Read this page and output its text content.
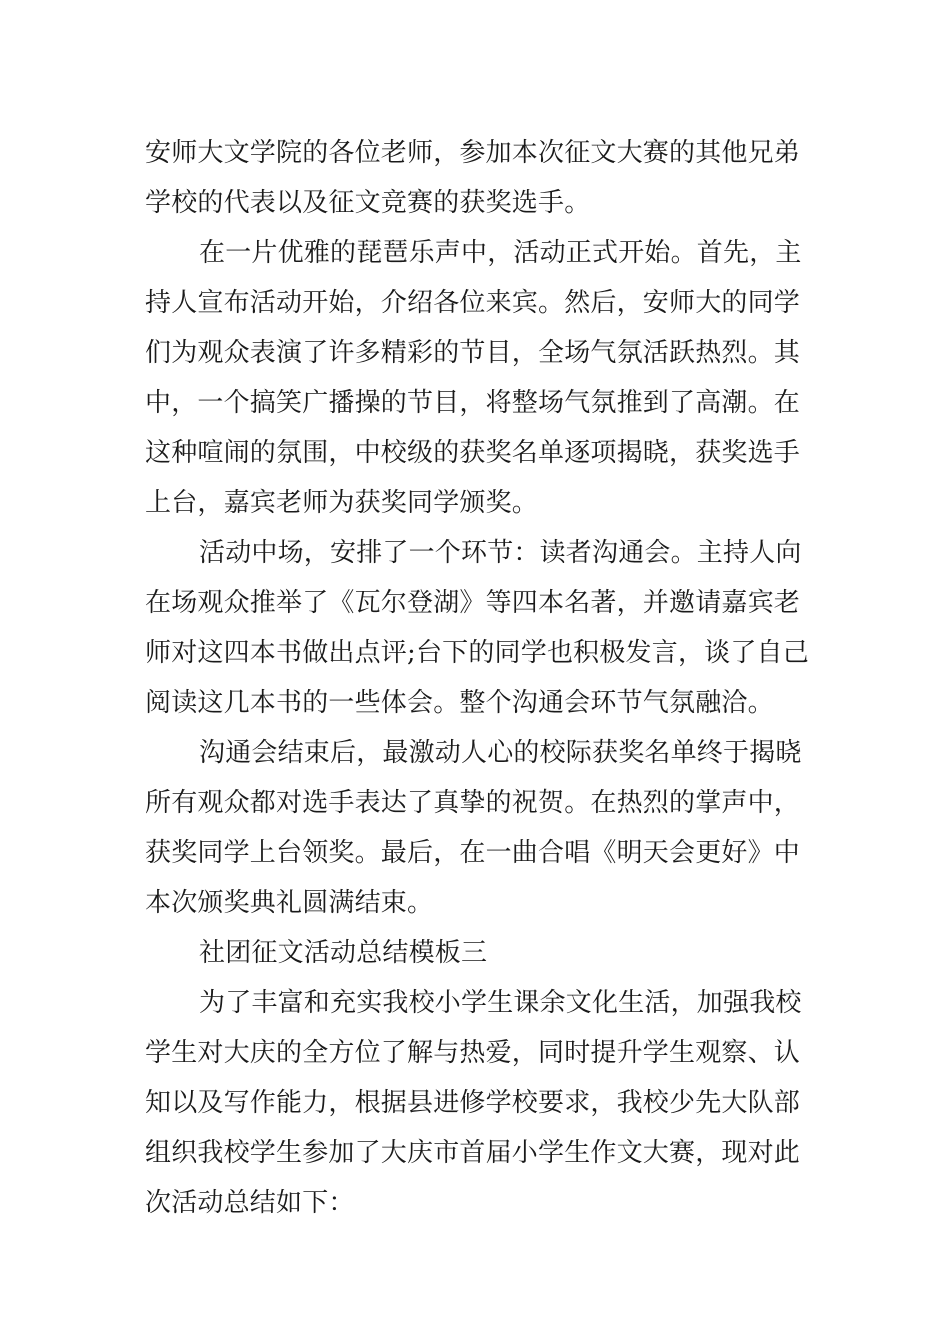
安师大文学院的各位老师，参加本次征文大赛的其他兄弟
学校的代表以及征文竞赛的获奖选手。
在一片优雅的琵琶乐声中，活动正式开始。首先，主
持人宣布活动开始，介绍各位来宾。然后，安师大的同学
们为观众表演了许多精彩的节目，全场气氛活跃热烈。其
中，一个搞笑广播操的节目，将整场气氛推到了高潮。在
这种喧闹的氛围，中校级的获奖名单逐项揭晓，获奖选手
上台，嘉宾老师为获奖同学颁奖。
活动中场，安排了一个环节：读者沟通会。主持人向
在场观众推举了《瓦尔登湖》等四本名著，并邀请嘉宾老
师对这四本书做出点评;台下的同学也积极发言，谈了自己
阅读这几本书的一些体会。整个沟通会环节气氛融洽。
沟通会结束后，最激动人心的校际获奖名单终于揭晓
所有观众都对选手表达了真挚的祝贺。在热烈的掌声中，
获奖同学上台领奖。最后，在一曲合唱《明天会更好》中
本次颁奖典礼圆满结束。
社团征文活动总结模板三
为了丰富和充实我校小学生课余文化生活，加强我校
学生对大庆的全方位了解与热爱，同时提升学生观察、认
知以及写作能力，根据县进修学校要求，我校少先大队部
组织我校学生参加了大庆市首届小学生作文大赛，现对此
次活动总结如下：
